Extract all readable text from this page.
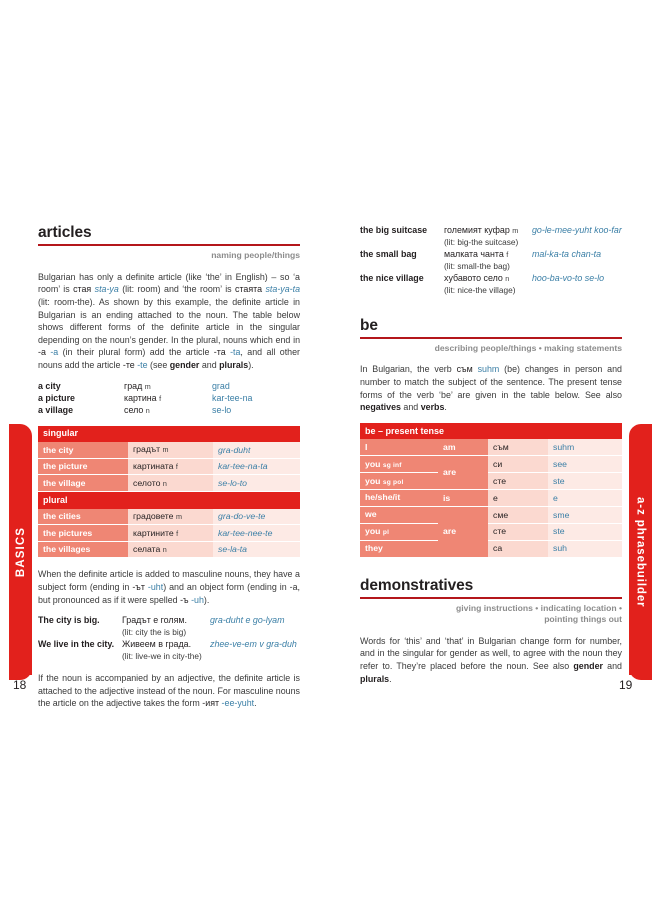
BASICS
18
a-z phrasebuilder
19
articles
naming people/things

Bulgarian has only a definite article (like ‘the’ in English) – so ‘a room’ is стая sta-ya (lit: room) and ‘the room’ is стаята sta-ya-ta (lit: room-the). As shown by this example, the definite article in Bulgarian is an ending attached to the noun. The table below shows different forms of the definite article in the singular depending on the noun’s gender. In the plural, nouns which end in -а -a (in their plural form) add the article -та -ta, and all other nouns add the article -те -te (see gender and plurals).

a city	град m	grad
a picture	картина f	kar-tee-na
a village	село n	se-lo
singular		
the city	градът m	gra-duht
the picture	картината f	kar-tee-na-ta
the village	селото n	se-lo-to
plural		
the cities	градовете m	gra-do-ve-te
the pictures	картините f	kar-tee-nee-te
the villages	селата n	se-la-ta

When the definite article is added to masculine nouns, they have a subject form (ending in -ът -uht) and an object form (ending in -a, but pronounced as if it were spelled -ъ -uh).

The city is big.	Градът е голям.	gra-duht e go-lyam
	(lit: city the is big)	
We live in the city.	Живеем в града.	zhee-ve-em v gra-duh
	(lit: live-we in city-the)	

If the noun is accompanied by an adjective, the definite article is attached to the adjective instead of the noun. For masculine nouns the article on the adjective takes the form -ият -ee-yuht.

the big suitcase	големият куфар m	go-le-mee-yuht koo-far
	(lit: big-the suitcase)	
the small bag	малката чанта f	mal-ka-ta chan-ta
	(lit: small-the bag)	
the nice village	хубавото село n	hoo-ba-vo-to se-lo
	(lit: nice-the village)	
be
describing people/things • making statements

In Bulgarian, the verb съм suhm (be) changes in person and number to match the subject of the sentence. The present tense forms of the verb ‘be’ are given in the table below. See also negatives and verbs.

be – present tense			
I	am	съм	suhm
you sg inf	are	си	see
you sg pol		сте	ste
he/she/it	is	е	e
we	are	сме	sme
you pl		сте	ste
they		са	suh
demonstratives
giving instructions • indicating location •
pointing things out

Words for ‘this’ and ‘that’ in Bulgarian change form for number, and in the singular for gender as well, to agree with the noun they refer to. They’re placed before the noun. See also gender and plurals.
